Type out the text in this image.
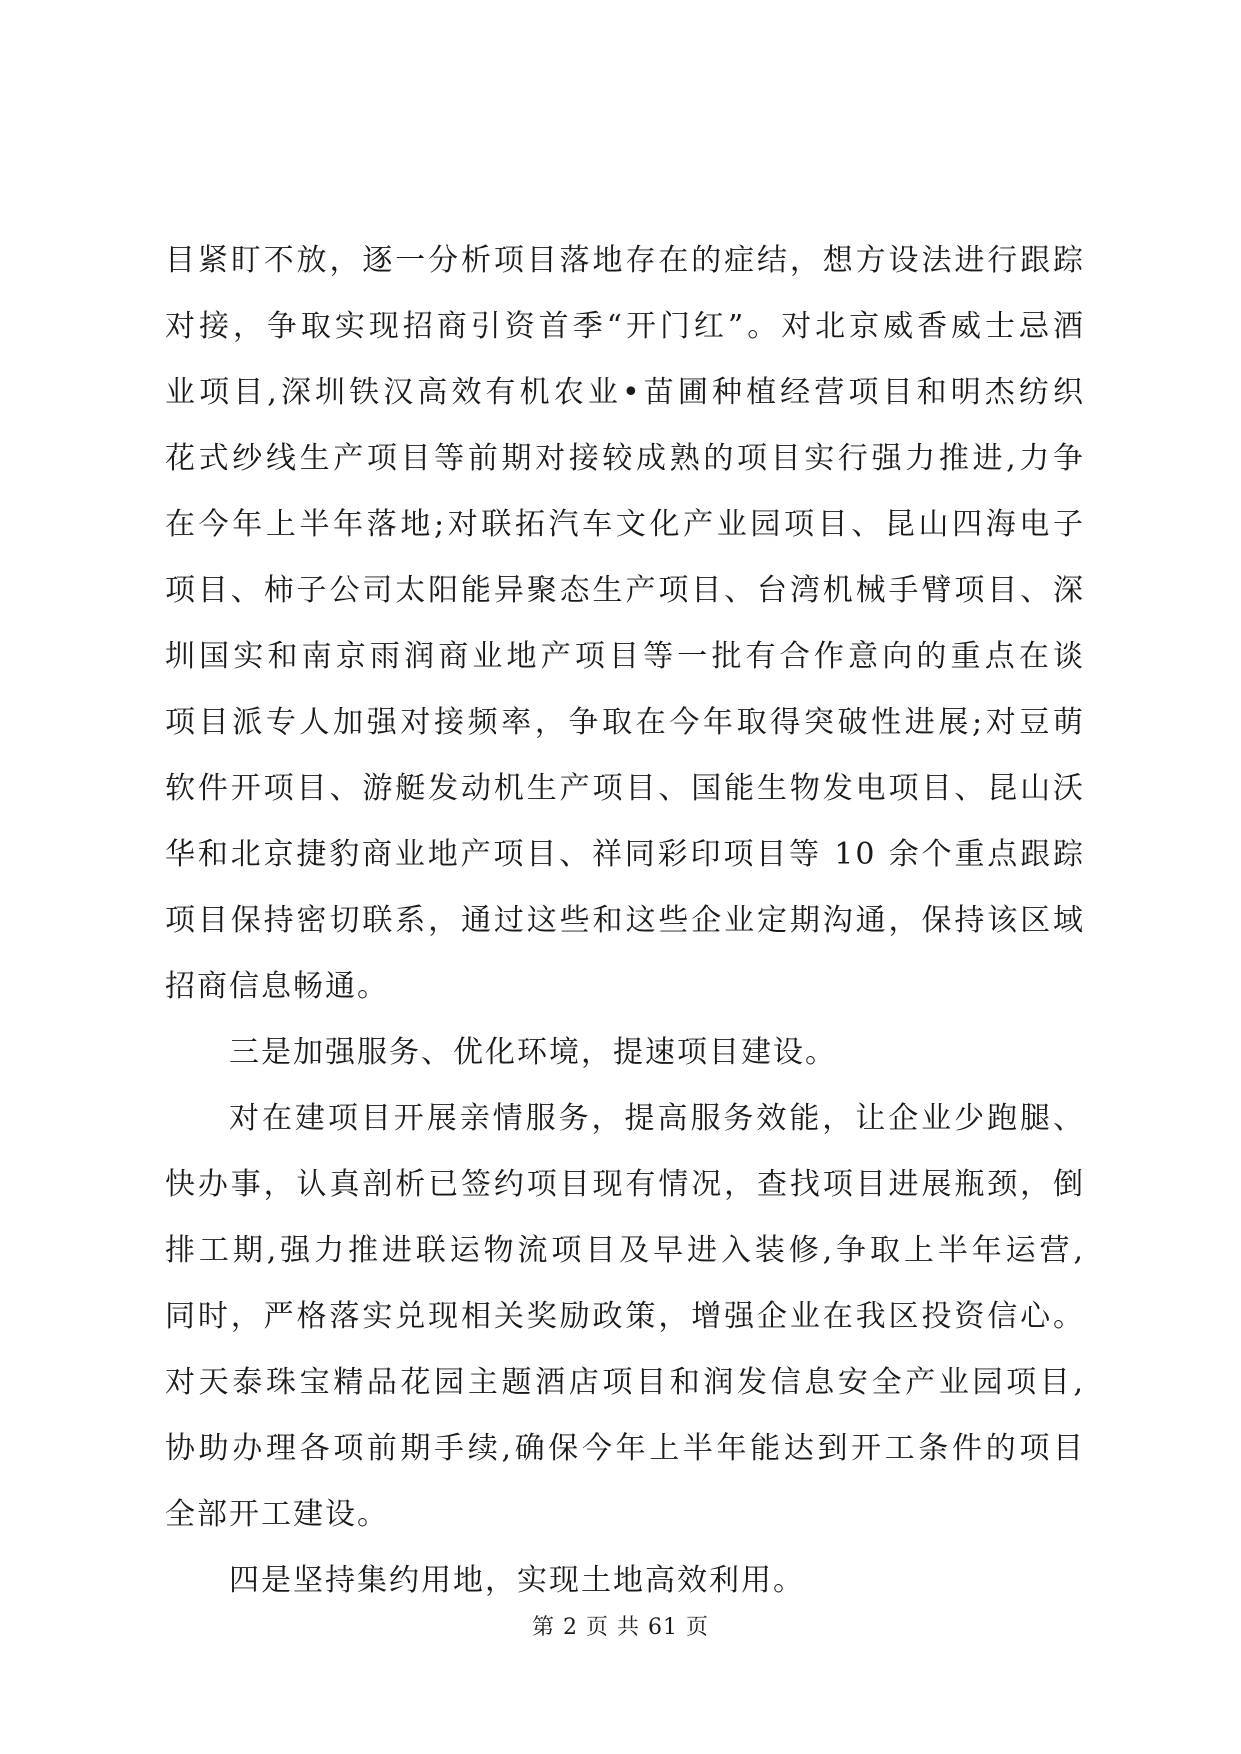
目紧盯不放，逐一分析项目落地存在的症结，想方设法进行跟踪
对接，争取实现招商引资首季“开门红”。对北京威香威士忌酒
业项目,深圳铁汉高效有机农业•苗圃种植经营项目和明杰纺织
花式纱线生产项目等前期对接较成熟的项目实行强力推进,力争
在今年上半年落地;对联拓汽车文化产业园项目、昆山四海电子
项目、柿子公司太阳能异聚态生产项目、台湾机械手臂项目、深
圳国实和南京雨润商业地产项目等一批有合作意向的重点在谈
项目派专人加强对接频率，争取在今年取得突破性进展;对豆萌
软件开项目、游艇发动机生产项目、国能生物发电项目、昆山沃
华和北京捷豹商业地产项目、祥同彩印项目等 10 余个重点跟踪
项目保持密切联系，通过这些和这些企业定期沟通，保持该区域
招商信息畅通。
三是加强服务、优化环境，提速项目建设。
对在建项目开展亲情服务，提高服务效能，让企业少跑腿、
快办事，认真剖析已签约项目现有情况，查找项目进展瓶颈，倒
排工期,强力推进联运物流项目及早进入装修,争取上半年运营,
同时，严格落实兑现相关奖励政策，增强企业在我区投资信心。
对天泰珠宝精品花园主题酒店项目和润发信息安全产业园项目,
协助办理各项前期手续,确保今年上半年能达到开工条件的项目
全部开工建设。
四是坚持集约用地，实现土地高效利用。
第 2 页 共 61 页
